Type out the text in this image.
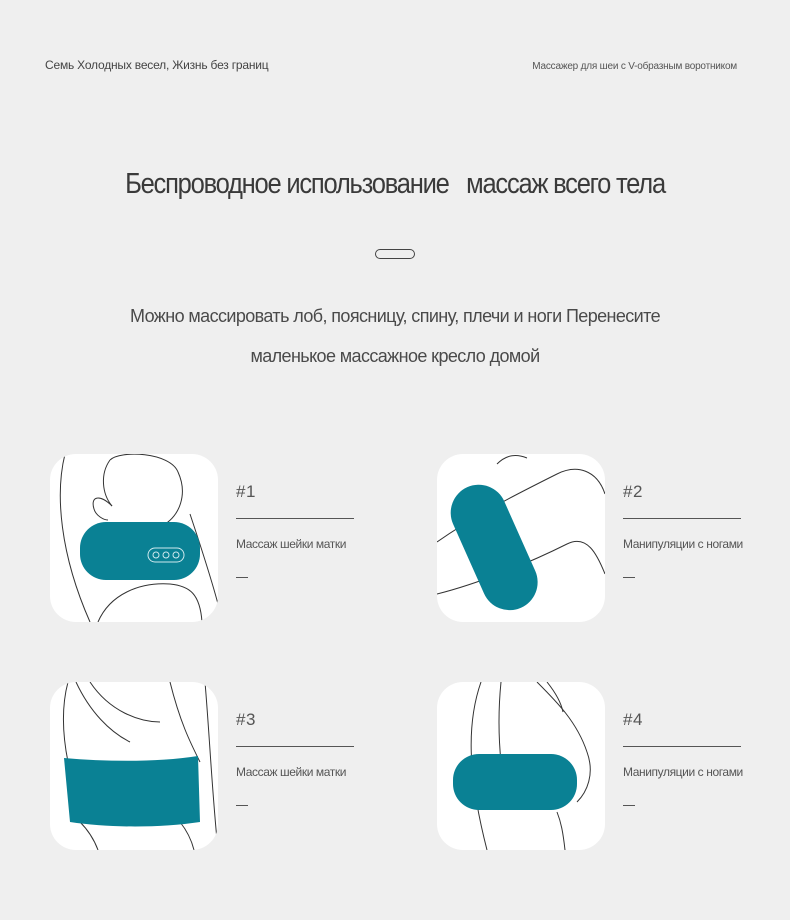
Семь Холодных весел, Жизнь без границ	Массажер для шеи с V-образным воротником
Беспроводное использование   массаж всего тела
Можно массировать лоб, поясницу, спину, плечи и ноги Перенесите
маленькое массажное кресло домой
#1
Массаж шейки матки
#2
Манипуляции с ногами
#3
Массаж шейки матки
#4
Манипуляции с ногами
